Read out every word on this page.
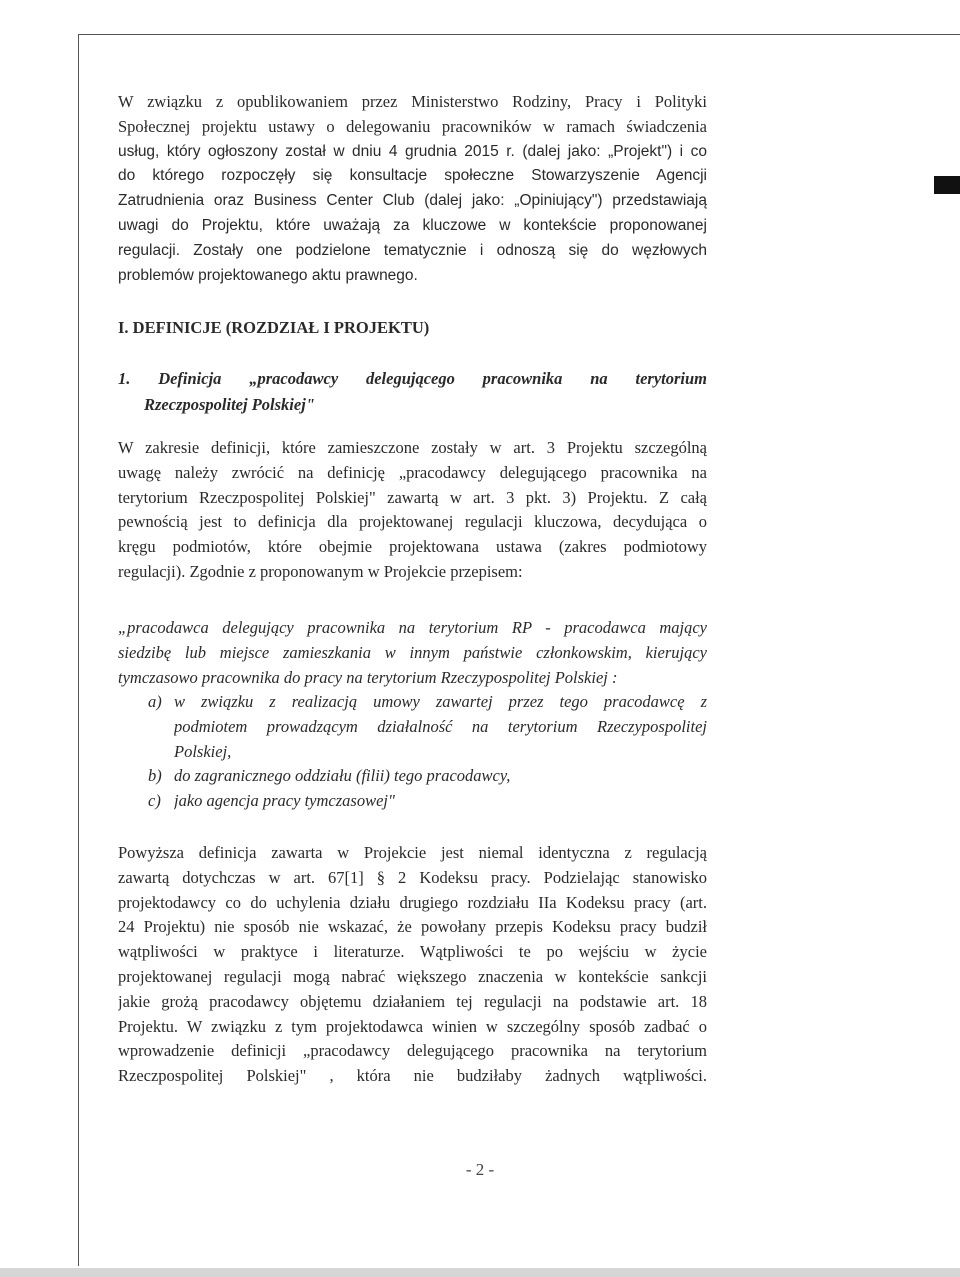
W związku z opublikowaniem przez Ministerstwo Rodziny, Pracy i Polityki
Społecznej projektu ustawy o delegowaniu pracowników w ramach świadczenia
usług, który ogłoszony został w dniu 4 grudnia 2015 r. (dalej jako: „Projekt") i co
do którego rozpoczęły się konsultacje społeczne Stowarzyszenie Agencji
Zatrudnienia oraz Business Center Club (dalej jako: „Opiniujący") przedstawiają
uwagi do Projektu, które uważają za kluczowe w kontekście proponowanej
regulacji. Zostały one podzielone tematycznie i odnoszą się do węzłowych
problemów projektowanego aktu prawnego.
I. DEFINICJE (ROZDZIAŁ I PROJEKTU)
1. Definicja „pracodawcy delegującego pracownika na terytorium
Rzeczpospolitej Polskiej"
W zakresie definicji, które zamieszczone zostały w art. 3 Projektu szczególną
uwagę należy zwrócić na definicję „pracodawcy delegującego pracownika na
terytorium Rzeczpospolitej Polskiej" zawartą w art. 3 pkt. 3) Projektu. Z całą
pewnością jest to definicja dla projektowanej regulacji kluczowa, decydująca o
kręgu podmiotów, które obejmie projektowana ustawa (zakres podmiotowy
regulacji). Zgodnie z proponowanym w Projekcie przepisem:
„pracodawca delegujący pracownika na terytorium RP - pracodawca mający
siedzibę lub miejsce zamieszkania w innym państwie członkowskim, kierujący
tymczasowo pracownika do pracy na terytorium Rzeczypospolitej Polskiej :
a) w związku z realizacją umowy zawartej przez tego pracodawcę z
podmiotem prowadzącym działalność na terytorium Rzeczypospolitej
Polskiej,
b) do zagranicznego oddziału (filii) tego pracodawcy,
c) jako agencja pracy tymczasowej"
Powyższa definicja zawarta w Projekcie jest niemal identyczna z regulacją
zawartą dotychczas w art. 67[1] § 2 Kodeksu pracy. Podzielając stanowisko
projektodawcy co do uchylenia działu drugiego rozdziału IIa Kodeksu pracy (art.
24 Projektu) nie sposób nie wskazać, że powołany przepis Kodeksu pracy budził
wątpliwości w praktyce i literaturze. Wątpliwości te po wejściu w życie
projektowanej regulacji mogą nabrać większego znaczenia w kontekście sankcji
jakie grożą pracodawcy objętemu działaniem tej regulacji na podstawie art. 18
Projektu. W związku z tym projektodawca winien w szczególny sposób zadbać o
wprowadzenie definicji „pracodawcy delegującego pracownika na terytorium
Rzeczpospolitej Polskiej" , która nie budziłaby żadnych wątpliwości.
- 2 -
